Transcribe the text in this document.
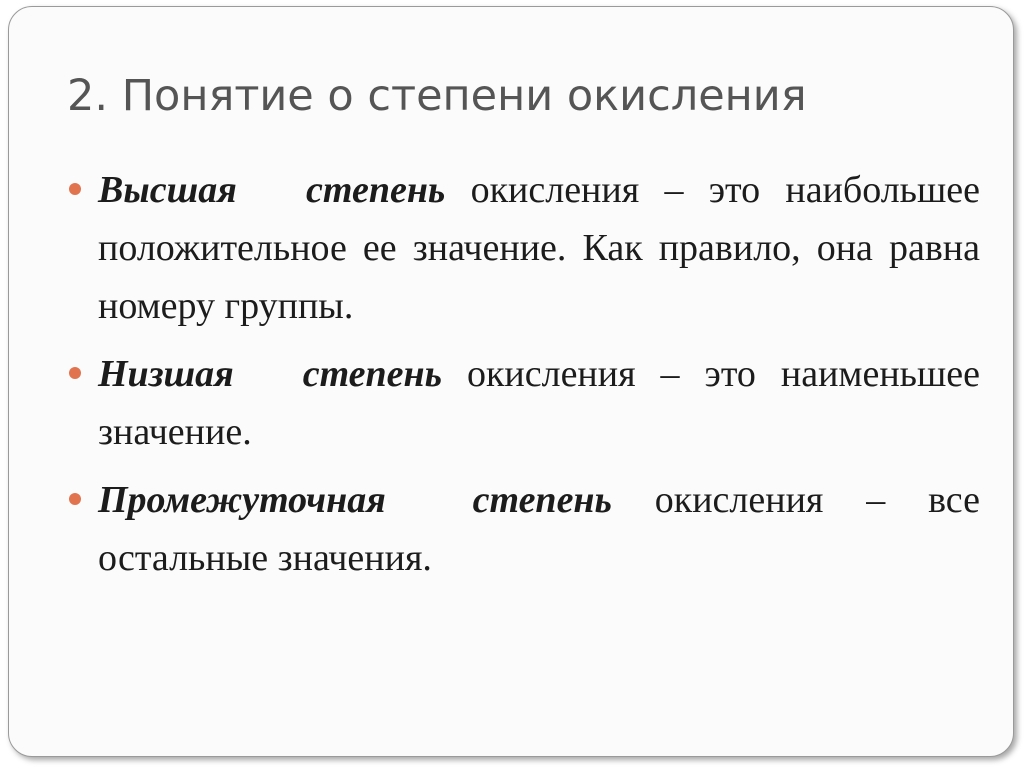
2. Понятие о степени окисления
Высшая степень окисления – это наибольшее положительное ее значение. Как правило, она равна номеру группы.
Низшая степень окисления – это наименьшее значение.
Промежуточная степень окисления – все остальные значения.
